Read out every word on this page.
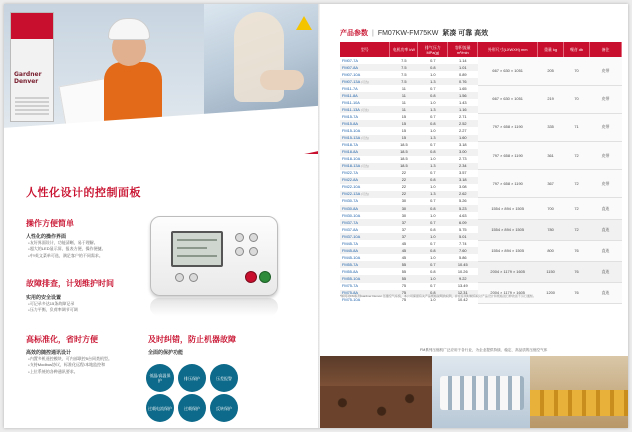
Gardner Denver
人性化设计的控制面板
操作方便简单
人性化的操作界面
● 友好界面设计，功能清晰，易于理解。
● 超大的LED显示屏，报表方便，操作便捷。
● 中/英文菜单可选，满足客户的不同需求。
故障排查，计划维护时间
实用的安全设置
● 可记录多达15条故障记录
● 压力平衡，负荷率调节可调
高标准化，省时方便
高效的随控通讯设计
● 内置多机遥控模块，可内部联控5台同类机型。
● 支持Modbus协议，标准化远程/本地监控和
● 上位系统的各种通讯要求。
及时纠错，防止机器故障
全面的保护功能
低温/高温保护	排压保护	压差报警
过载电流保护	过载保护	反转保护
产品参数 | FM07KW-FM75KW 紧凑 可靠 高效
型号	电机功率 kW	排气压力 MPa(g)	容积流量 m³/min	外形尺寸(LXWXH) mm	重量 kg	噪音 db	备注
FM07-7A	7.5	0.7	1.14	667 × 630 × 1051	205	70	皮带
FM07-8A	7.5	0.8	1.01				
FM07-10A	7.5	1.0	0.89				
FM07-13A (可选)	7.5	1.3	0.76				
FM11-7A	11	0.7	1.65	667 × 630 × 1051	219	70	皮带
FM11-8A	11	0.8	1.56				
FM11-10A	11	1.0	1.43				
FM11-13A (可选)	11	1.3	1.16				
FM15-7A	15	0.7	2.71	797 × 658 × 1190	335	71	皮带
FM15-8A	15	0.8	2.52				
FM15-10A	15	1.0	2.27				
FM15-13A (可选)	15	1.3	1.60				
FM18-7A	18.5	0.7	3.18	797 × 658 × 1190	361	72	皮带
FM18-8A	18.5	0.8	3.00				
FM18-10A	18.5	1.0	2.73				
FM18-13A (可选)	18.5	1.3	2.34				
FM22-7A	22	0.7	3.57	797 × 658 × 1190	367	72	皮带
FM22-8A	22	0.8	3.18				
FM22-10A	22	1.0	3.08				
FM22-13A (可选)	22	1.3	2.62				
FM30-7A	30	0.7	5.26	1554 × 894 × 1505	700	72	直连
FM30-8A	30	0.8	5.23				
FM30-10A	30	1.0	4.63				
FM37-7A	37	0.7	6.09	1554 × 894 × 1505	780	72	直连
FM37-8A	37	0.8	5.75				
FM37-10A	37	1.0	5.01				
FM45-7A	45	0.7	7.74	1554 × 894 × 1505	800	76	直连
FM45-8A	45	0.8	7.60				
FM45-10A	45	1.0	5.86				
FM55-7A	55	0.7	10.45	2004 × 1179 × 1605	1150	76	直连
FM55-8A	55	0.8	10.26				
FM55-10A	55	1.0	9.22				
FM75-7A	75	0.7	13.49	2004 × 1179 × 1605	1200	76	直连
FM75-8A	75	0.8	12.31				
FM75-10A	75	1.0	10.42				
*如何对FM系列Gardner Denver 压缩空气系统，本公司保留有关产品规格说明的权利，并在任何时候有权对产品设计和规格进行修改而不另行通知。
FM系列压缩机广泛应用于各行业，为企业提供持续、稳定、高品质的压缩空气体
